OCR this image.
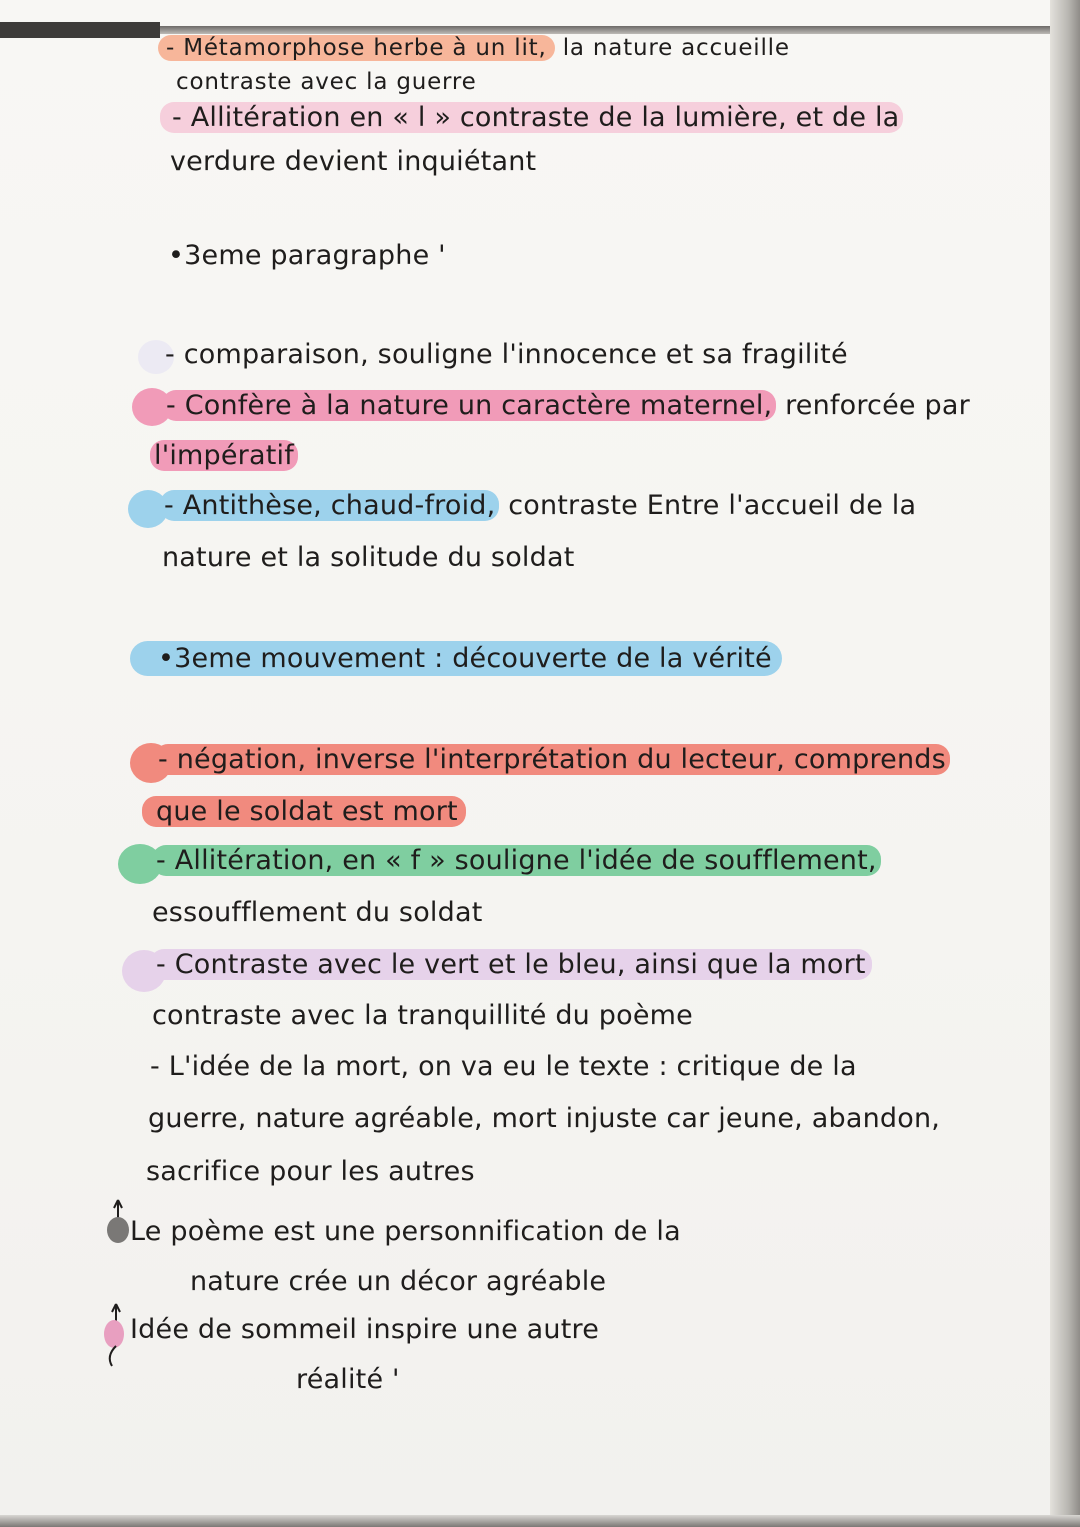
- Métamorphose herbe à un lit, la nature accueille
contraste avec la guerre
- Allitération en « l » contraste de la lumière, et de la
verdure devient inquiétant
•3eme paragraphe '
- comparaison, souligne l'innocence et sa fragilité
- Confère à la nature un caractère maternel, renforcée par
l'impératif
- Antithèse, chaud-froid, contraste Entre l'accueil de la
nature et la solitude du soldat
•3eme mouvement : découverte de la vérité
- négation, inverse l'interprétation du lecteur, comprends
que le soldat est mort
- Allitération, en « f » souligne l'idée de soufflement,
essoufflement du soldat
- Contraste avec le vert et le bleu, ainsi que la mort
contraste avec la tranquillité du poème
- L'idée de la mort, on va eu le texte : critique de la
guerre, nature agréable, mort injuste car jeune, abandon,
sacrifice pour les autres
Le poème est une personnification de la
nature crée un décor agréable
Idée de sommeil inspire une autre
réalité '
